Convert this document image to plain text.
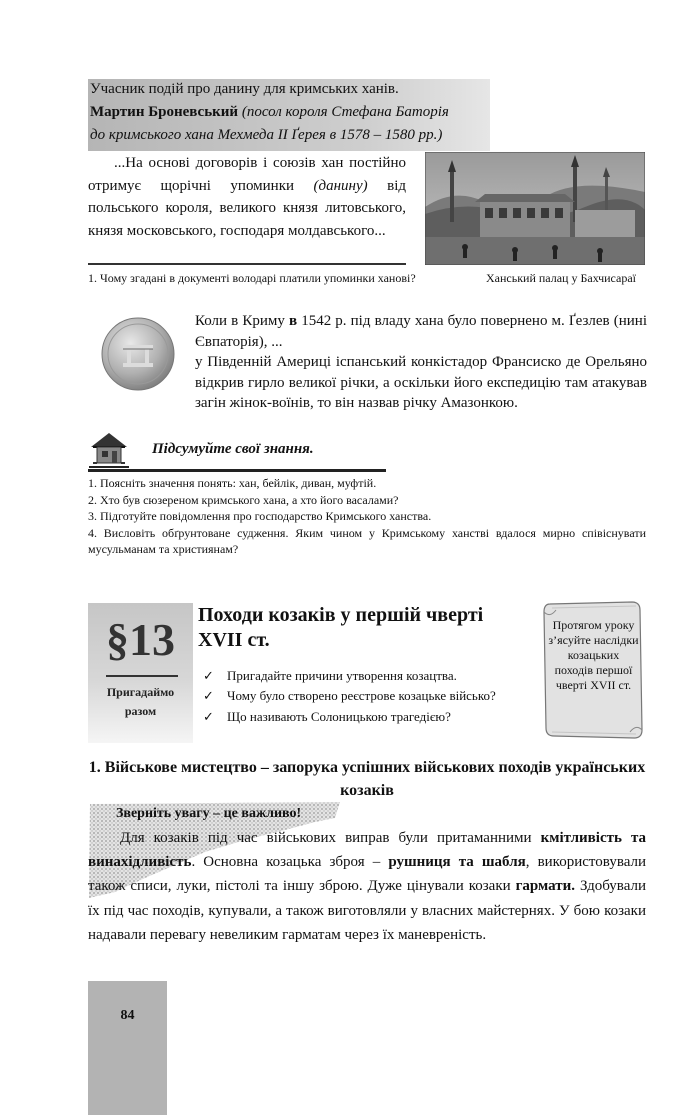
Учасник подій про данину для кримських ханів.
Мартин Броневський (посол короля Стефана Баторія
до кримського хана Мехмеда ІІ Ґерея в 1578 – 1580 рр.)

...На основі договорів і союзів хан постійно отримує щорічні упоминки (данину) від польського короля, великого князя литовського, князя московського, господаря молдавського...

1. Чому згадані в документі володарі платили упоминки ханові?	Ханський палац у Бахчисараї

Коли в Криму в 1542 р. під владу хана було повернено м. Ґезлев (нині Євпаторія), ...

у Південній Америці іспанський конкістадор Франсиско де Орельяно відкрив гирло великої річки, а оскільки його експедицію там атакував загін жінок-воїнів, то він назвав річку Амазонкою.

Підсумуйте свої знання.
1. Поясніть значення понять: хан, бейлік, диван, муфтій.
2. Хто був сюзереном кримського хана, а хто його васалами?
3. Підготуйте повідомлення про господарство Кримського ханства.
4. Висловіть обґрунтоване судження. Яким чином у Кримському ханстві вдалося мирно співіснувати мусульманам та християнам?
§13
Пригадаймо
разом
Походи козаків у першій чверті XVII ст.
✓ Пригадайте причини утворення козацтва.
✓ Чому було створено реєстрове козацьке військо?
✓ Що називають Солоницькою трагедією?
Протягом уроку з’ясуйте наслідки козацьких походів першої чверті XVII ст.
1. Військове мистецтво – запорука успішних військових походів українських козаків
Зверніть увагу – це важливо!

Для козаків під час військових виправ були притаманними кмітливість та винахідливість. Основна козацька зброя – рушниця та шабля, використовували також списи, луки, пістолі та іншу зброю. Дуже цінували козаки гармати. Здобували їх під час походів, купували, а також виготовляли у власних майстернях. У бою козаки надавали перевагу невеликим гарматам через їх маневреність.

84
